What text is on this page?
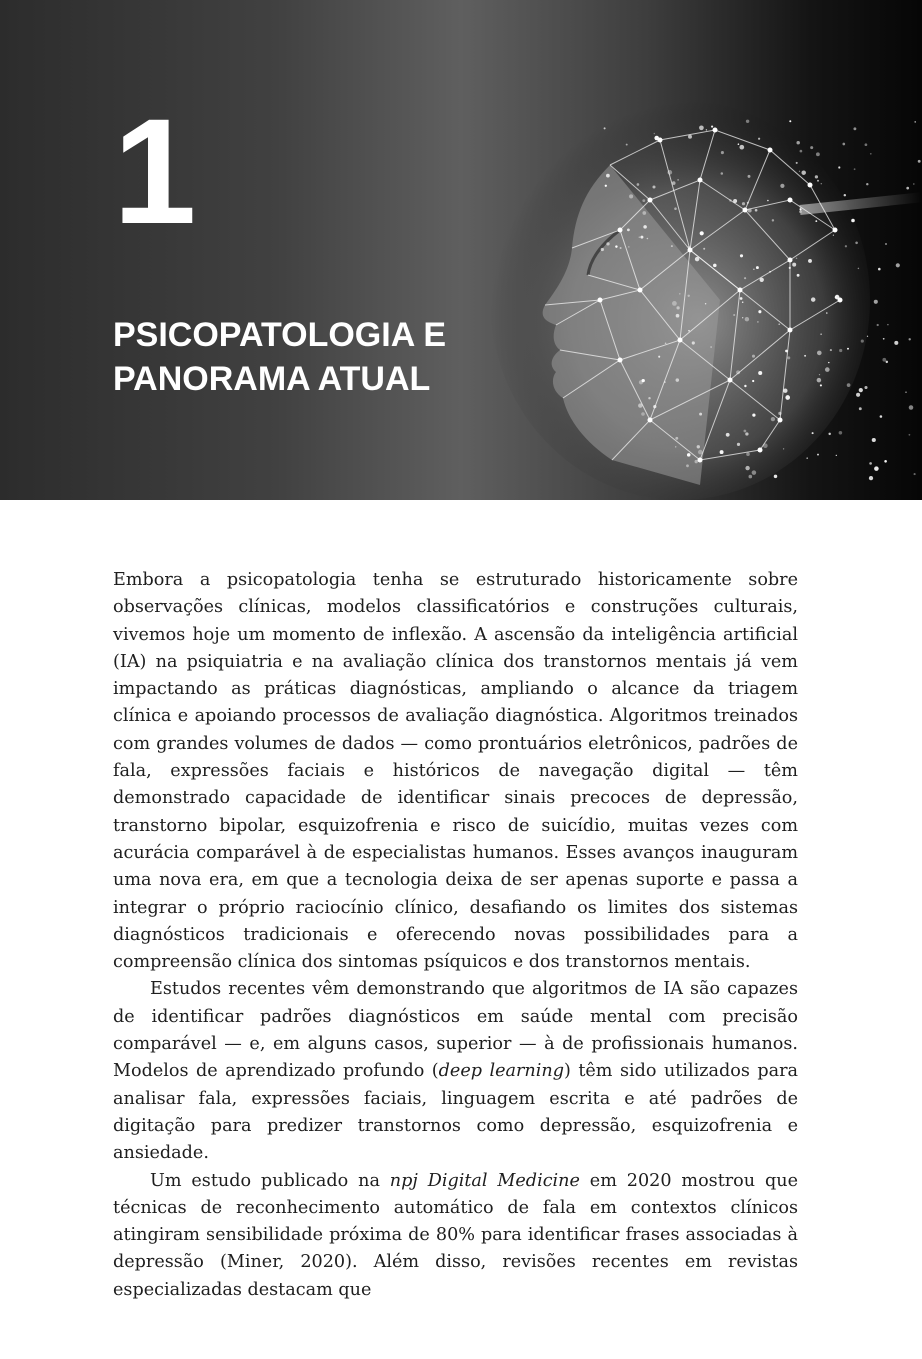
1
PSICOPATOLOGIA E
PANORAMA ATUAL

Embora a psicopatologia tenha se estruturado historicamente sobre observações clínicas, modelos classificatórios e construções culturais, vivemos hoje um momento de inflexão. A ascensão da inteligência artificial (IA) na psiquiatria e na avaliação clínica dos transtornos mentais já vem impactando as práticas diagnósticas, ampliando o alcance da triagem clínica e apoiando processos de avaliação diagnóstica. Algoritmos treinados com grandes volumes de dados — como prontuários eletrônicos, padrões de fala, expressões faciais e históricos de navegação digital — têm demonstrado capacidade de identificar sinais precoces de depressão, transtorno bipolar, esquizofrenia e risco de suicídio, muitas vezes com acurácia comparável à de especialistas humanos. Esses avanços inauguram uma nova era, em que a tecnologia deixa de ser apenas suporte e passa a integrar o próprio raciocínio clínico, desafiando os limites dos sistemas diagnósticos tradicionais e oferecendo novas possibilidades para a compreensão clínica dos sintomas psíquicos e dos transtornos mentais.

Estudos recentes vêm demonstrando que algoritmos de IA são capazes de identificar padrões diagnósticos em saúde mental com precisão comparável — e, em alguns casos, superior — à de profissionais humanos. Modelos de aprendizado profundo (deep learning) têm sido utilizados para analisar fala, expressões faciais, linguagem escrita e até padrões de digitação para predizer transtornos como depressão, esquizofrenia e ansiedade.

Um estudo publicado na npj Digital Medicine em 2020 mostrou que técnicas de reconhecimento automático de fala em contextos clínicos atingiram sensibilidade próxima de 80% para identificar frases associadas à depressão (Miner, 2020). Além disso, revisões recentes em revistas especializadas destacam que
